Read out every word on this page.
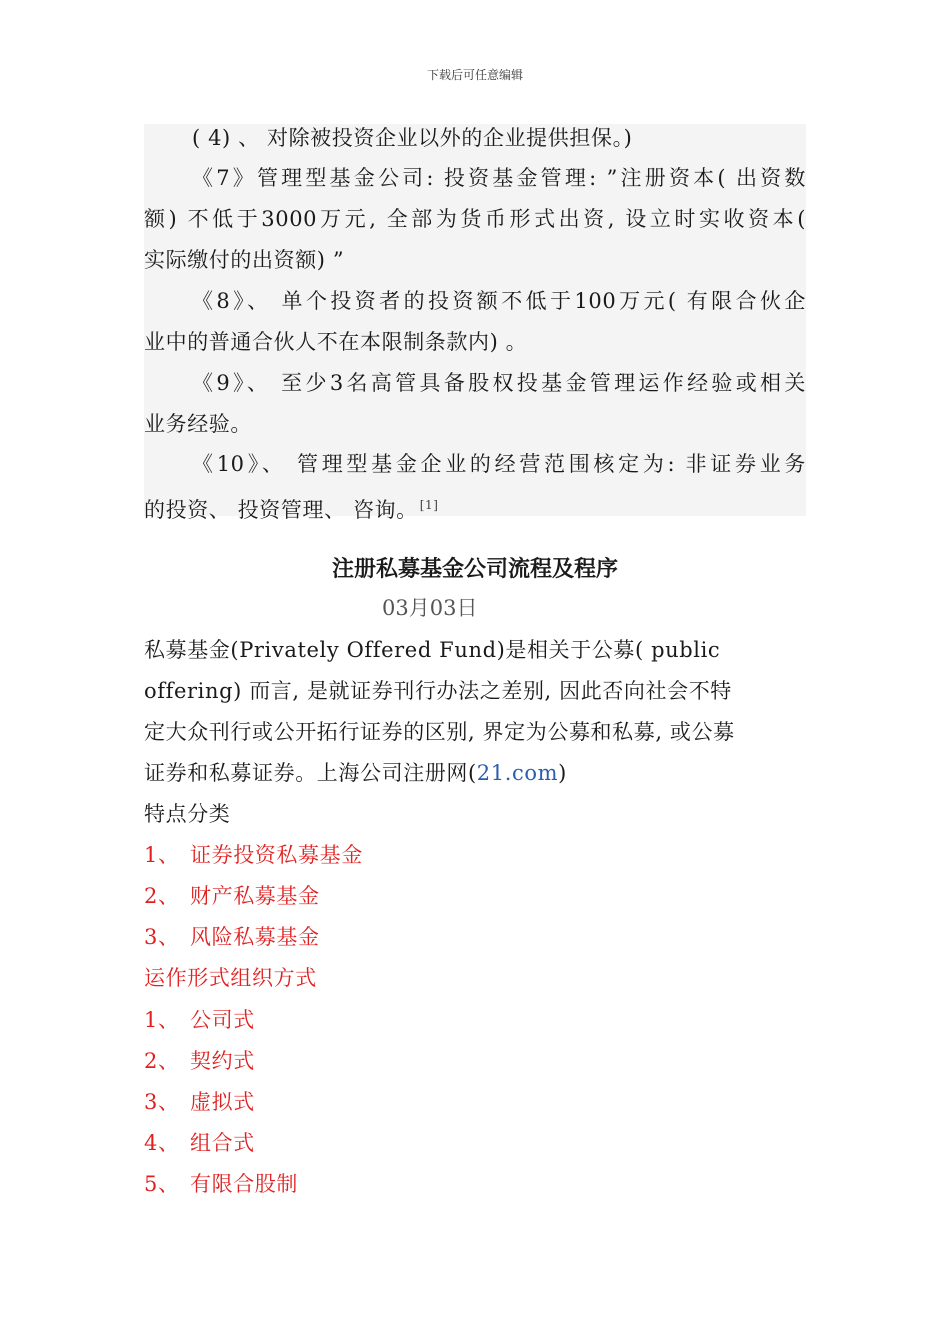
下载后可任意编辑
( 4) 、 对除被投资企业以外的企业提供担保。)
《7》管理型基金公司: 投资基金管理: ”注册资本( 出资数
额) 不低于3000万元, 全部为货币形式出资, 设立时实收资本(
实际缴付的出资额) ”
《8》、 单个投资者的投资额不低于100万元( 有限合伙企
业中的普通合伙人不在本限制条款内) 。
《9》、 至少3名高管具备股权投基金管理运作经验或相关
业务经验。
《10》、 管理型基金企业的经营范围核定为: 非证券业务
的投资、 投资管理、 咨询。 [1]
注册私募基金公司流程及程序
03月03日
私募基金(Privately Offered Fund)是相关于公募( public
offering) 而言, 是就证券刊行办法之差别, 因此否向社会不特
定大众刊行或公开拓行证券的区别, 界定为公募和私募, 或公募
证券和私募证券。上海公司注册网(21.com)
特点分类
1、 证券投资私募基金
2、 财产私募基金
3、 风险私募基金
运作形式组织方式
1、 公司式
2、 契约式
3、 虚拟式
4、 组合式
5、 有限合股制
